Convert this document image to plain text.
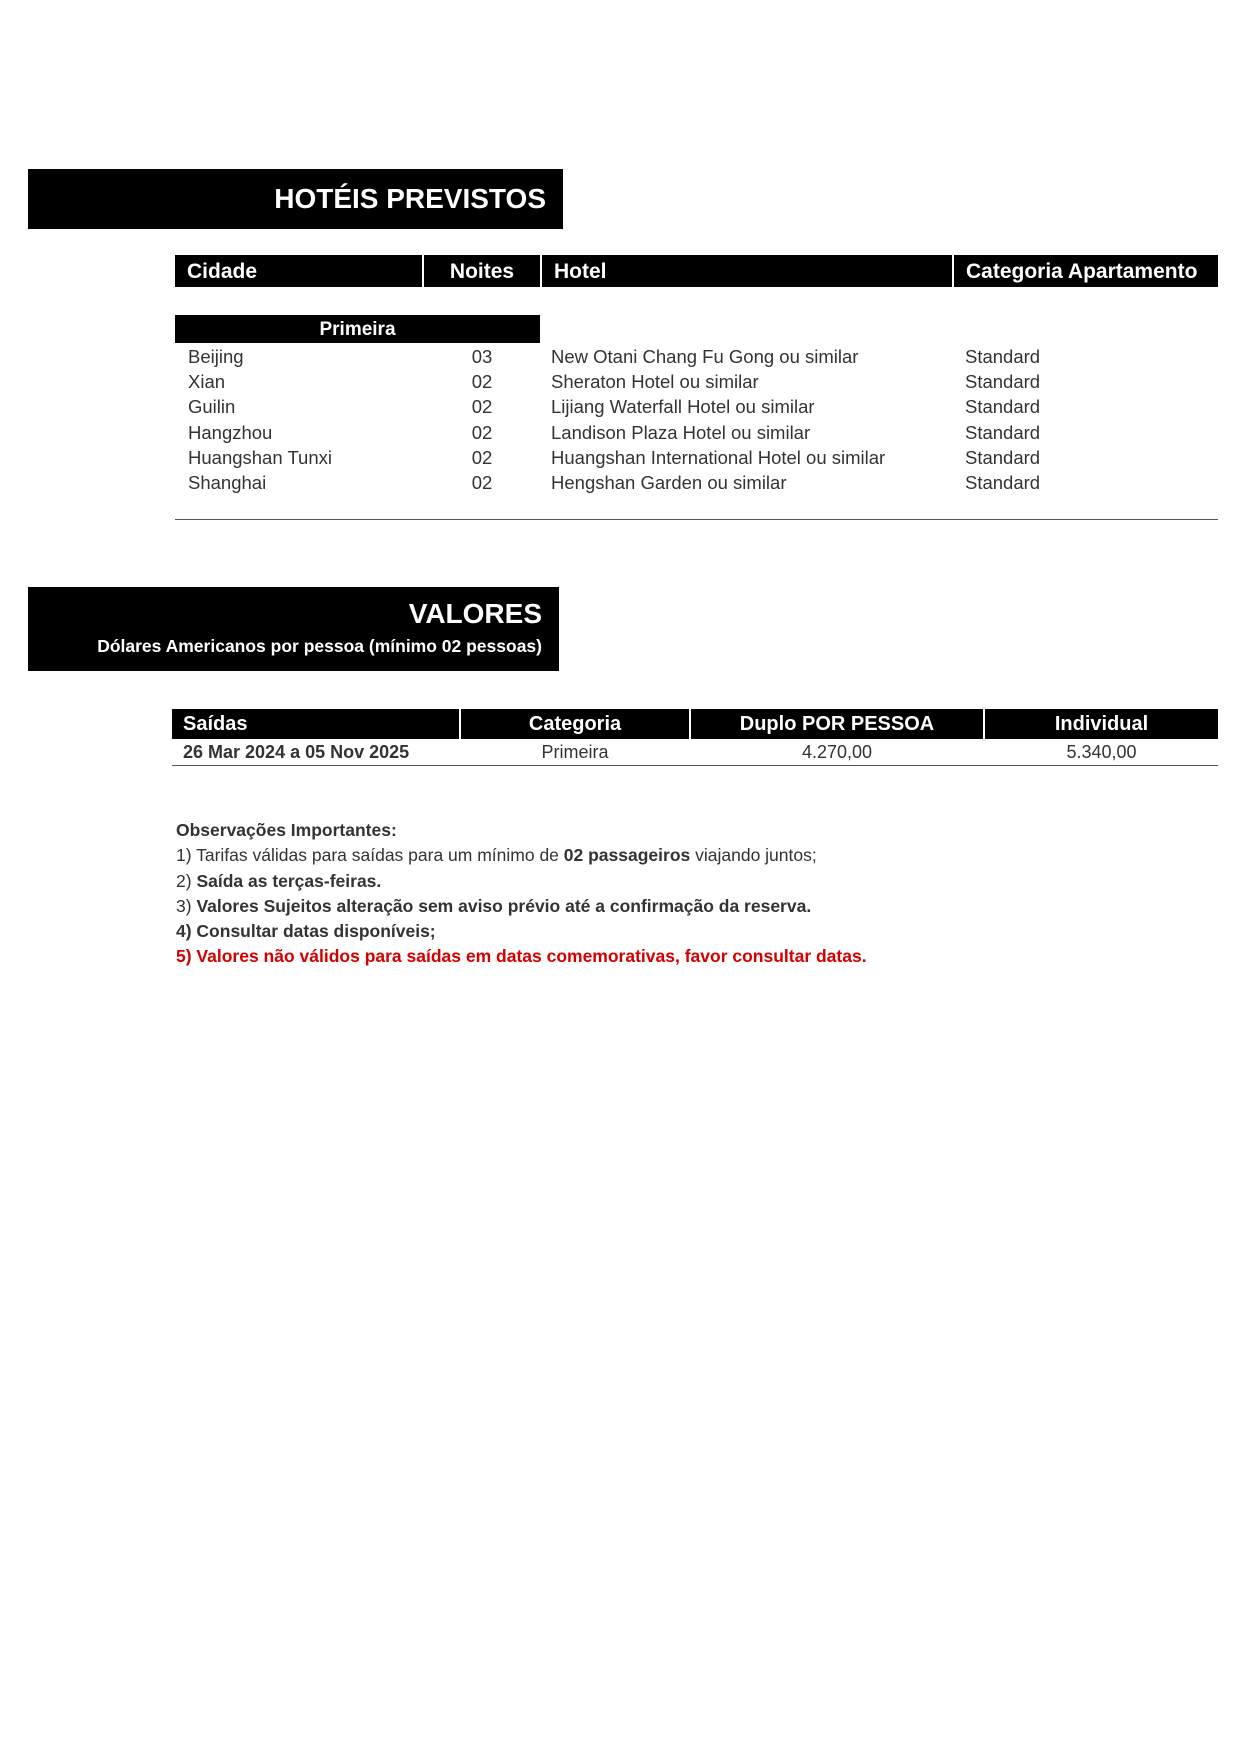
HOTÉIS PREVISTOS
Cidade	Noites	Hotel	Categoria Apartamento
Primeira
Beijing	03	New Otani Chang Fu Gong ou similar	Standard
Xian	02	Sheraton Hotel ou similar	Standard
Guilin	02	Lijiang Waterfall Hotel ou similar	Standard
Hangzhou	02	Landison Plaza Hotel ou similar	Standard
Huangshan Tunxi	02	Huangshan International Hotel ou similar	Standard
Shanghai	02	Hengshan Garden ou similar	Standard
VALORES
Dólares Americanos por pessoa (mínimo 02 pessoas)
Saídas	Categoria	Duplo POR PESSOA	Individual
26 Mar 2024 a 05 Nov 2025	Primeira	4.270,00	5.340,00
Observações Importantes:
1) Tarifas válidas para saídas para um mínimo de 02 passageiros viajando juntos;
2) Saída as terças-feiras.
3) Valores Sujeitos alteração sem aviso prévio até a confirmação da reserva.
4) Consultar datas disponíveis;
5) Valores não válidos para saídas em datas comemorativas, favor consultar datas.
